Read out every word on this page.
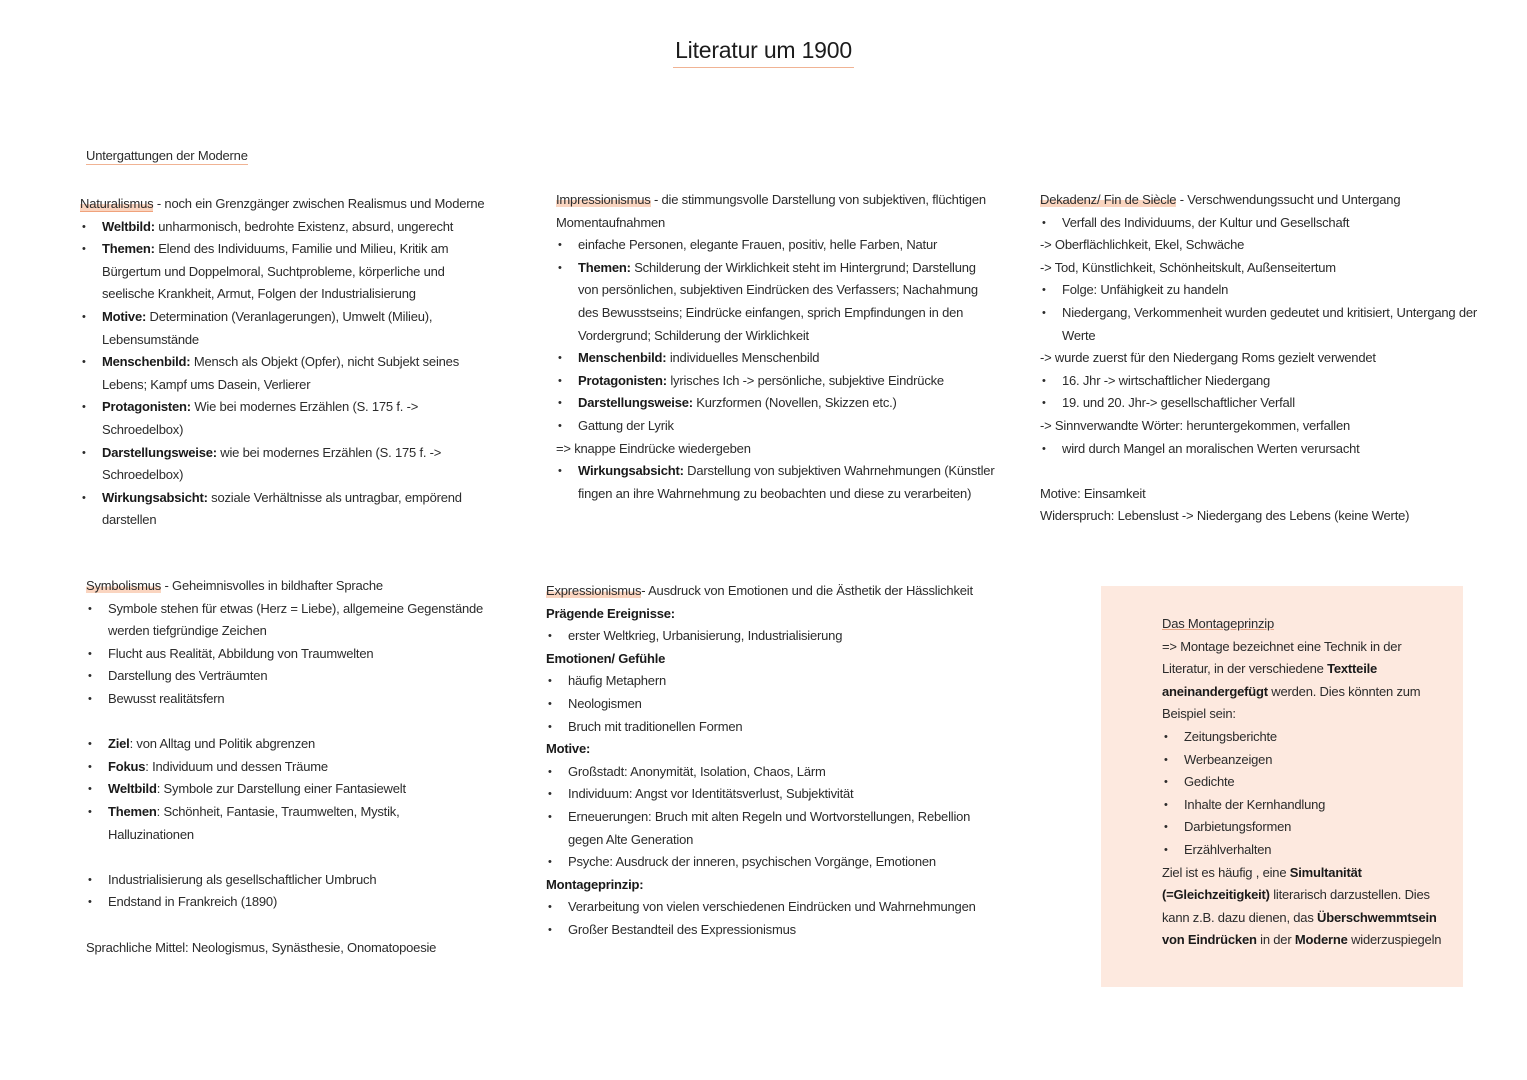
Literatur um 1900
Untergattungen der Moderne
Naturalismus - noch ein Grenzgänger zwischen Realismus und Moderne
• Weltbild: unharmonisch, bedrohte Existenz, absurd, ungerecht
• Themen: Elend des Individuums, Familie und Milieu, Kritik am Bürgertum und Doppelmoral, Suchtprobleme, körperliche und seelische Krankheit, Armut, Folgen der Industrialisierung
• Motive: Determination (Veranlagerungen), Umwelt (Milieu), Lebensumstände
• Menschenbild: Mensch als Objekt (Opfer), nicht Subjekt seines Lebens; Kampf ums Dasein, Verlierer
• Protagonisten: Wie bei modernes Erzählen (S. 175 f. -> Schroedelbox)
• Darstellungsweise: wie bei modernes Erzählen (S. 175 f. -> Schroedelbox)
• Wirkungsabsicht: soziale Verhältnisse als untragbar, empörend darstellen
Impressionismus - die stimmungsvolle Darstellung von subjektiven, flüchtigen Momentaufnahmen
• einfache Personen, elegante Frauen, positiv, helle Farben, Natur
• Themen: Schilderung der Wirklichkeit steht im Hintergrund; Darstellung von persönlichen, subjektiven Eindrücken des Verfassers; Nachahmung des Bewusstseins; Eindrücke einfangen, sprich Empfindungen in den Vordergrund; Schilderung der Wirklichkeit
• Menschenbild: individuelles Menschenbild
• Protagonisten: lyrisches Ich -> persönliche, subjektive Eindrücke
• Darstellungsweise: Kurzformen (Novellen, Skizzen etc.)
• Gattung der Lyrik
=> knappe Eindrücke wiedergeben
• Wirkungsabsicht: Darstellung von subjektiven Wahrnehmungen (Künstler fingen an ihre Wahrnehmung zu beobachten und diese zu verarbeiten)
Dekadenz/ Fin de Siècle - Verschwendungssucht und Untergang
• Verfall des Individuums, der Kultur und Gesellschaft
-> Oberflächlichkeit, Ekel, Schwäche
-> Tod, Künstlichkeit, Schönheitskult, Außenseitertum
• Folge: Unfähigkeit zu handeln
• Niedergang, Verkommenheit wurden gedeutet und kritisiert, Untergang der Werte
-> wurde zuerst für den Niedergang Roms gezielt verwendet
• 16. Jhr -> wirtschaftlicher Niedergang
• 19. und 20. Jhr-> gesellschaftlicher Verfall
-> Sinnverwandte Wörter: heruntergekommen, verfallen
• wird durch Mangel an moralischen Werten verursacht
Motive: Einsamkeit
Widerspruch: Lebenslust -> Niedergang des Lebens (keine Werte)
Symbolismus - Geheimnisvolles in bildhafter Sprache
• Symbole stehen für etwas (Herz = Liebe), allgemeine Gegenstände werden tiefgründige Zeichen
• Flucht aus Realität, Abbildung von Traumwelten
• Darstellung des Verträumten
• Bewusst realitätsfern
• Ziel: von Alltag und Politik abgrenzen
• Fokus: Individuum und dessen Träume
• Weltbild: Symbole zur Darstellung einer Fantasiewelt
• Themen: Schönheit, Fantasie, Traumwelten, Mystik, Halluzinationen
• Industrialisierung als gesellschaftlicher Umbruch
• Endstand in Frankreich (1890)
Sprachliche Mittel: Neologismus, Synästhesie, Onomatopoesie
Expressionismus- Ausdruck von Emotionen und die Ästhetik der Hässlichkeit
Prägende Ereignisse:
• erster Weltkrieg, Urbanisierung, Industrialisierung
Emotionen/ Gefühle
• häufig Metaphern
• Neologismen
• Bruch mit traditionellen Formen
Motive:
• Großstadt: Anonymität, Isolation, Chaos, Lärm
• Individuum: Angst vor Identitätsverlust, Subjektivität
• Erneuerungen: Bruch mit alten Regeln und Wortvorstellungen, Rebellion gegen Alte Generation
• Psyche: Ausdruck der inneren, psychischen Vorgänge, Emotionen
Montageprinzip:
• Verarbeitung von vielen verschiedenen Eindrücken und Wahrnehmungen
• Großer Bestandteil des Expressionismus
Das Montageprinzip
=> Montage bezeichnet eine Technik in der Literatur, in der verschiedene Textteile aneinandergefügt werden. Dies könnten zum Beispiel sein:
• Zeitungsberichte
• Werbeanzeigen
• Gedichte
• Inhalte der Kernhandlung
• Darbietungsformen
• Erzählverhalten
Ziel ist es häufig , eine Simultanität (=Gleichzeitigkeit) literarisch darzustellen. Dies kann z.B. dazu dienen, das Überschwemmtsein von Eindrücken in der Moderne widerzuspiegeln
